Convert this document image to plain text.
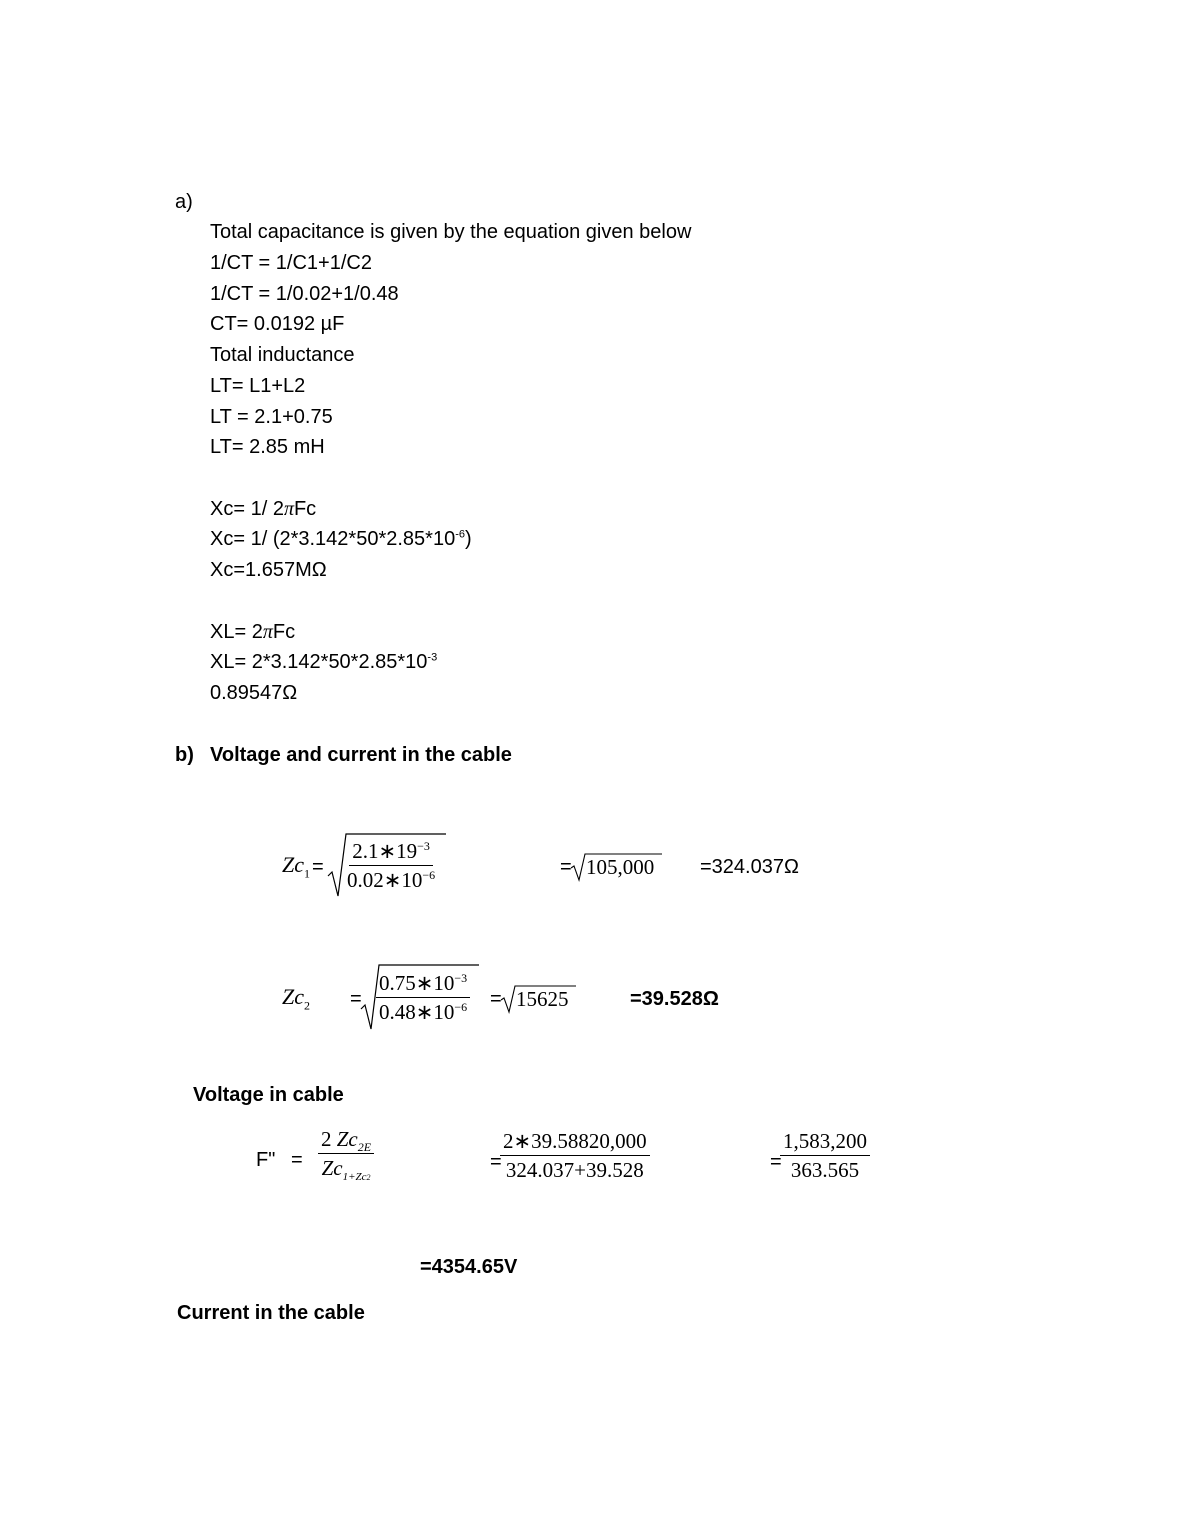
a)
Total capacitance is given by the equation given below
1/CT = 1/C1+1/C2
1/CT = 1/0.02+1/0.48
CT= 0.0192 µF
Total inductance
LT= L1+L2
LT = 2.1+0.75
LT= 2.85 mH
Xc= 1/ 2πFc
Xc= 1/ $(2*3.142*50*2.85*10^{-6})$
Xc=1.657MΩ
XL= 2πFc
$XL= 2*3.142*50*2.85*10^{-3}$
0.89547Ω
b) Voltage and current in the cable
$Zc_1 = \frac{2.1∗19^{-3}}{0.02∗10^{-6}}$	= 105,000 =324.037Ω
$Zc_2 = \frac{0.75∗10^{-3}}{0.48∗10^{-6}} = 15625$	=39.528Ω
Voltage in cable
F" = $\frac{2 Zc_{2E}}{Zc_{1+Zc2}}$	=
$\frac{2∗39.58820,000}{324.037+39.528}$	=
$\frac{1,583,200}{363.565}$
=4354.65V
Current in the cable
